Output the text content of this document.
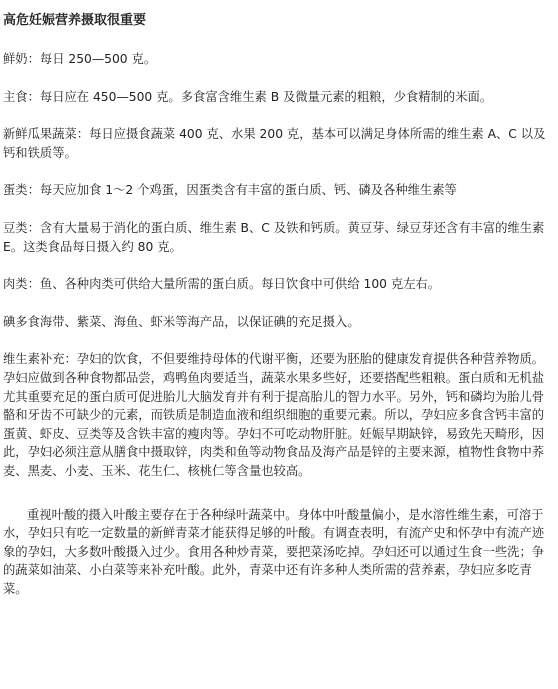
高危妊娠营养摄取很重要

鲜奶：每日 250—500 克。

主食：每日应在 450—500 克。多食富含维生素 B 及微量元素的粗粮，少食精制的米面。

新鲜瓜果蔬菜：每日应摄食蔬菜 400 克、水果 200 克，基本可以满足身体所需的维生素 A、C 以及钙和铁质等。

蛋类：每天应加食 1～2 个鸡蛋，因蛋类含有丰富的蛋白质、钙、磷及各种维生素等

豆类：含有大量易于消化的蛋白质、维生素 B、C 及铁和钙质。黄豆芽、绿豆芽还含有丰富的维生素 E。这类食品每日摄入约 80 克。

肉类：鱼、各种肉类可供给大量所需的蛋白质。每日饮食中可供给 100 克左右。

碘多食海带、紫菜、海鱼、虾米等海产品，以保证碘的充足摄入。

维生素补充：孕妇的饮食，不但要维持母体的代谢平衡，还要为胚胎的健康发育提供各种营养物质。孕妇应做到各种食物都品尝，鸡鸭鱼肉要适当，蔬菜水果多些好，还要搭配些粗粮。蛋白质和无机盐尤其重要充足的蛋白质可促进胎儿大脑发育并有利于提高胎儿的智力水平。另外，钙和磷均为胎儿骨骼和牙齿不可缺少的元素，而铁质是制造血液和组织细胞的重要元素。所以，孕妇应多食含钙丰富的蛋黄、虾皮、豆类等及含铁丰富的瘦肉等。孕妇不可吃动物肝脏。妊娠早期缺锌，易致先天畸形，因此，孕妇必须注意从膳食中摄取锌，肉类和鱼等动物食品及海产品是锌的主要来源，植物性食物中荞麦、黑麦、小麦、玉米、花生仁、核桃仁等含量也较高。

重视叶酸的摄入叶酸主要存在于各种绿叶蔬菜中。身体中叶酸量偏小，是水溶性维生素，可溶于水，孕妇只有吃一定数量的新鲜青菜才能获得足够的叶酸。有调查表明，有流产史和怀孕中有流产迹象的孕妇，大多数叶酸摄入过少。食用各种炒青菜，要把菜汤吃掉。孕妇还可以通过生食一些洗；争的蔬菜如油菜、小白菜等来补充叶酸。此外，青菜中还有许多种人类所需的营养素，孕妇应多吃青菜。
